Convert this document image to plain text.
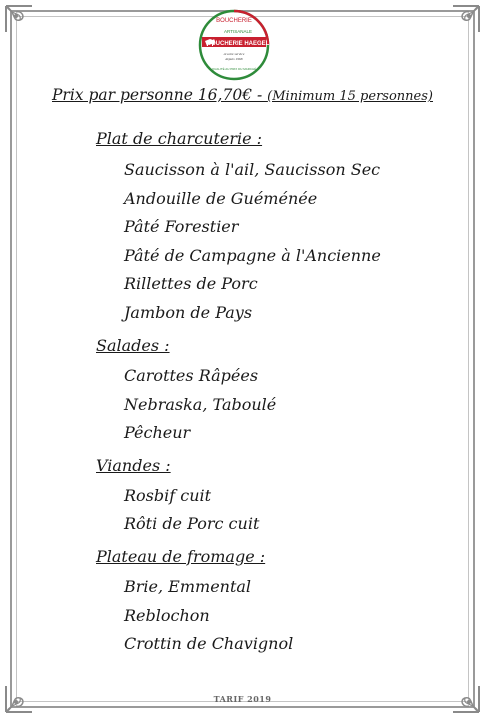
BOUCHERIE
ARTISANALE
BOUCHERIE HAEGEL
A votre service
depuis 1968
QUALITÉ AU PRIX DU MARCHÉ
Prix par personne 16,70€ - (Minimum 15 personnes)
Plat de charcuterie :
Saucisson à l'ail, Saucisson Sec
Andouille de Guéménée
Pâté Forestier
Pâté de Campagne à l'Ancienne
Rillettes de Porc
Jambon de Pays
Salades :
Carottes Râpées
Nebraska, Taboulé
Pêcheur
Viandes :
Rosbif cuit
Rôti de Porc cuit
Plateau de fromage :
Brie, Emmental
Reblochon
Crottin de Chavignol
TARIF 2019
